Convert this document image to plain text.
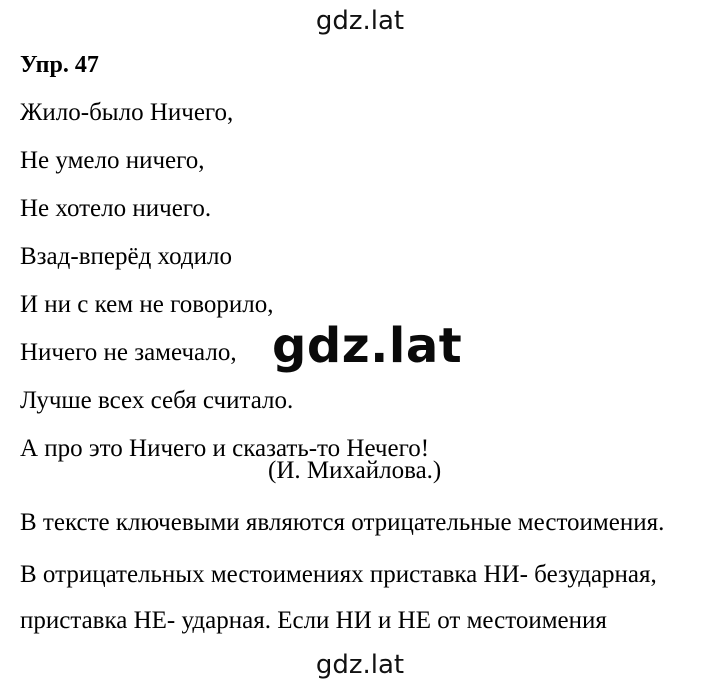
gdz.lat
Упр. 47
Жило-было Ничего,
Не умело ничего,
Не хотело ничего.
Взад-вперёд ходило
И ни с кем не говорило,
Ничего не замечало,
Лучше всех себя считало.
А про это Ничего и сказать-то Нечего!
(И. Михайлова.)
В тексте ключевыми являются отрицательные местоимения.
В отрицательных местоимениях приставка НИ- безударная,
приставка НЕ- ударная. Если НИ и НЕ от местоимения
gdz.lat
gdz.lat
